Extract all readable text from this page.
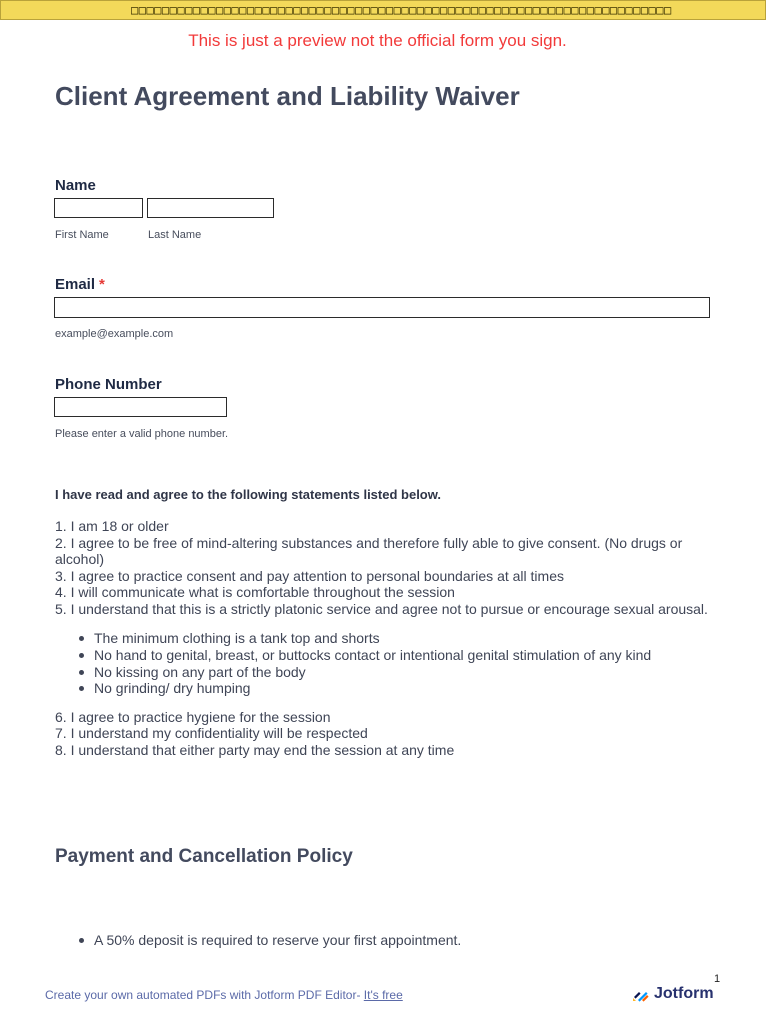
□□□□□□□□□□□□□□□□□□□□□□□□□□□□□□□□□□□□□□□□□□□□□□□□□□□□□□□□□□□□□□□□□□□□□□
This is just a preview not the official form you sign.
Client Agreement and Liability Waiver
Name
First Name	Last Name
Email *
example@example.com
Phone Number
Please enter a valid phone number.
I have read and agree to the following statements listed below.
1. I am 18 or older
2. I agree to be free of mind-altering substances and therefore fully able to give consent. (No drugs or alcohol)
3. I agree to practice consent and pay attention to personal boundaries at all times
4. I will communicate what is comfortable throughout the session
5. I understand that this is a strictly platonic service and agree not to pursue or encourage sexual arousal.
The minimum clothing is a tank top and shorts
No hand to genital, breast, or buttocks contact or intentional genital stimulation of any kind
No kissing on any part of the body
No grinding/ dry humping
6. I agree to practice hygiene for the session
7. I understand my confidentiality will be respected
8. I understand that either party may end the session at any time
Payment and Cancellation Policy
A 50% deposit is required to reserve your first appointment.
1
Create your own automated PDFs with Jotform PDF Editor- It's free	Jotform
